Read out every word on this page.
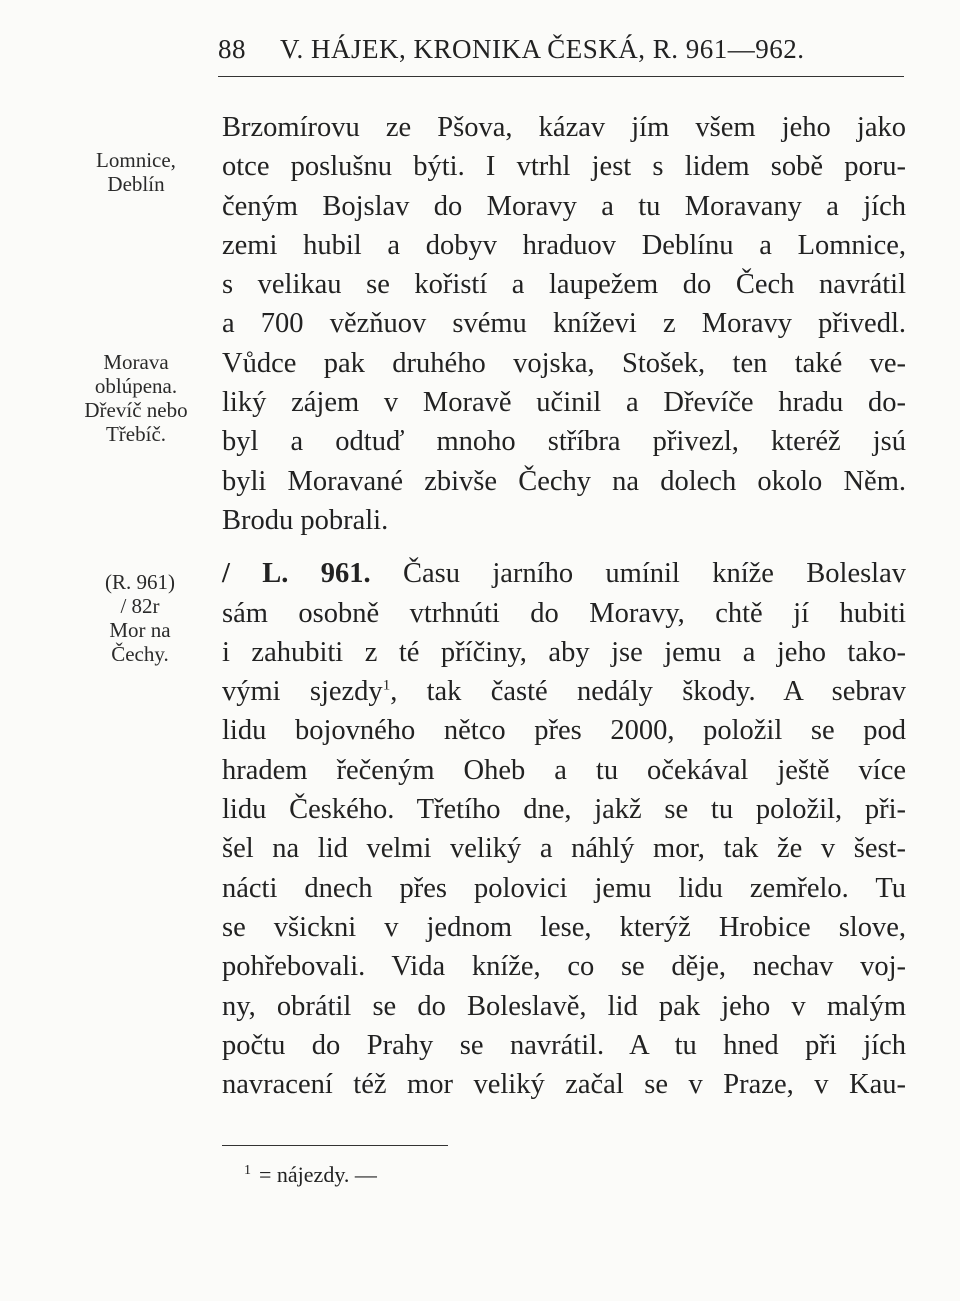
88 V. HÁJEK, KRONIKA ČESKÁ, R. 961—962.
Lomnice,
Deblín
Morava
oblúpena.
Dřevíč nebo
Třebíč.
(R. 961)
/ 82r
Mor na
Čechy.
Brzomírovu ze Pšova, kázav jím všem jeho jako
otce poslušnu býti. I vtrhl jest s lidem sobě poru-
čeným Bojslav do Moravy a tu Moravany a jích
zemi hubil a dobyv hraduov Deblínu a Lomnice,
s velikau se kořistí a laupežem do Čech navrátil
a 700 vězňuov svému kníževi z Moravy přivedl.
Vůdce pak druhého vojska, Stošek, ten také ve-
liký zájem v Moravě učinil a Dřevíče hradu do-
byl a odtuď mnoho stříbra přivezl, kteréž jsú
byli Moravané zbivše Čechy na dolech okolo Něm.
Brodu pobrali.
/ L. 961. Času jarního umínil kníže Boleslav
sám osobně vtrhnúti do Moravy, chtě jí hubiti
i zahubiti z té příčiny, aby jse jemu a jeho tako-
vými sjezdy$^1$, tak časté nedály škody. A sebrav
lidu bojovného nětco přes 2000, položil se pod
hradem řečeným Oheb a tu očekával ještě více
lidu Českého. Třetího dne, jakž se tu položil, při-
šel na lid velmi veliký a náhlý mor, tak že v šest-
nácti dnech přes polovici jemu lidu zemřelo. Tu
se všickni v jednom lese, kterýž Hrobice slove,
pohřebovali. Vida kníže, co se děje, nechav voj-
ny, obrátil se do Boleslavě, lid pak jeho v malým
počtu do Prahy se navrátil. A tu hned při jích
navracení též mor veliký začal se v Praze, v Kau-
$^1$ = nájezdy. —
